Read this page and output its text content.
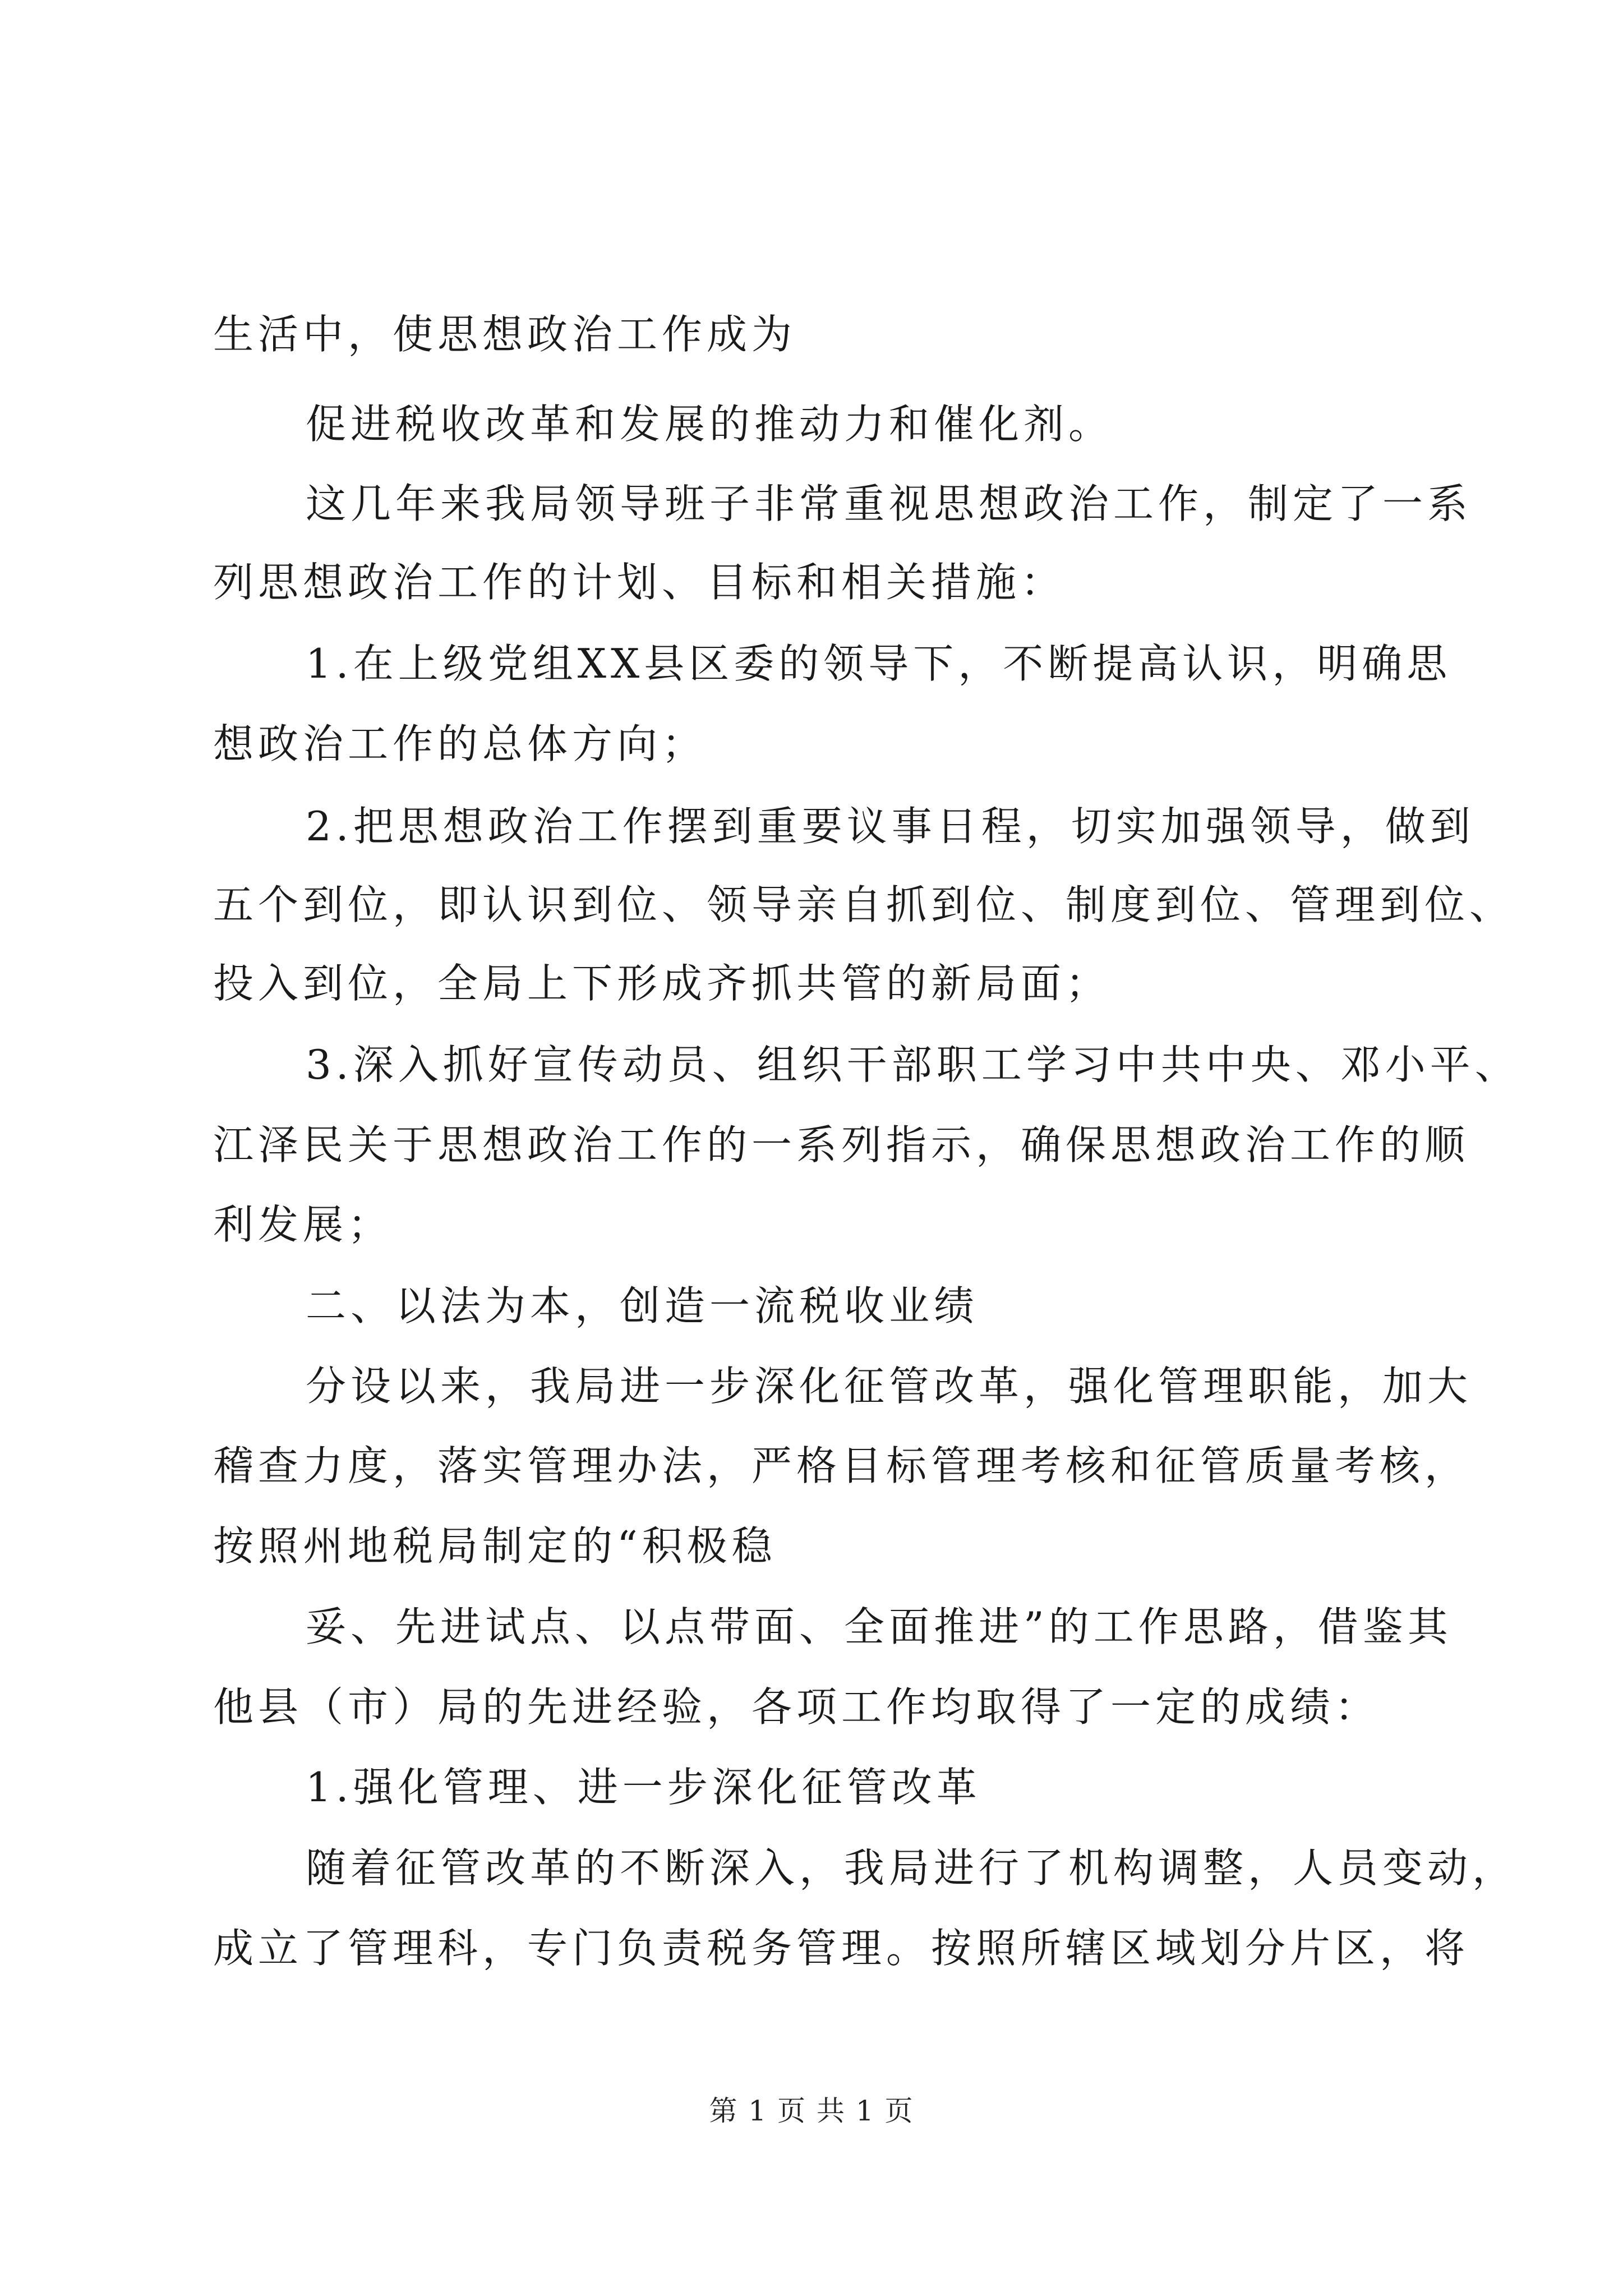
生活中，使思想政治工作成为
促进税收改革和发展的推动力和催化剂。
这几年来我局领导班子非常重视思想政治工作，制定了一系
列思想政治工作的计划、目标和相关措施：
1.在上级党组XX县区委的领导下，不断提高认识，明确思
想政治工作的总体方向；
2.把思想政治工作摆到重要议事日程，切实加强领导，做到
五个到位，即认识到位、领导亲自抓到位、制度到位、管理到位、
投入到位，全局上下形成齐抓共管的新局面；
3.深入抓好宣传动员、组织干部职工学习中共中央、邓小平、
江泽民关于思想政治工作的一系列指示，确保思想政治工作的顺
利发展；
二、以法为本，创造一流税收业绩
分设以来，我局进一步深化征管改革，强化管理职能，加大
稽查力度，落实管理办法，严格目标管理考核和征管质量考核，
按照州地税局制定的“积极稳
妥、先进试点、以点带面、全面推进”的工作思路，借鉴其
他县（市）局的先进经验，各项工作均取得了一定的成绩：
1.强化管理、进一步深化征管改革
随着征管改革的不断深入，我局进行了机构调整，人员变动，
成立了管理科，专门负责税务管理。按照所辖区域划分片区，将
第 1 页 共 1 页
